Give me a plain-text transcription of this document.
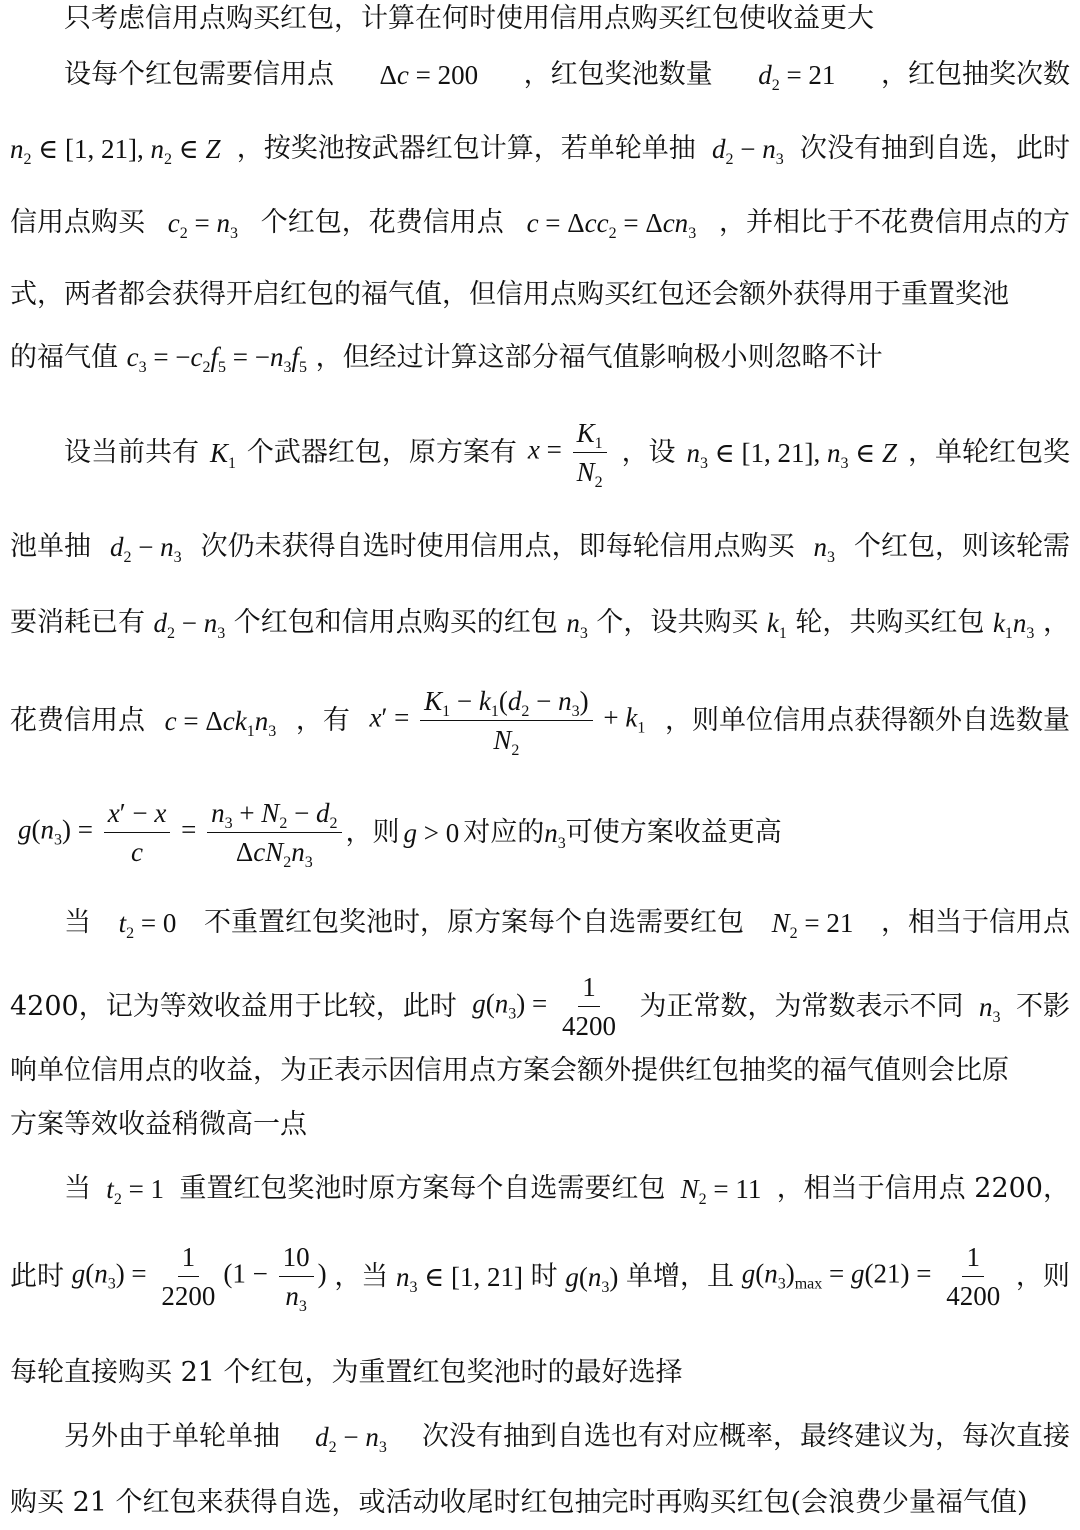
只考虑信用点购买红包，计算在何时使用信用点购买红包使收益更大
设每个红包需要信用点 Δc = 200 ，红包奖池数量 $d_2 = 21$ ，红包抽奖次数
$n_2$ ∈ [1, 21], $n_2$ ∈ Z ，按奖池按武器红包计算，若单轮单抽 $d_2 - n_3$ 次没有抽到自选，此时
信用点购买 $c_2 = n_3$ 个红包，花费信用点 c = Δcc$_2$ = Δcn$_3$ ，并相比于不花费信用点的方
式，两者都会获得开启红包的福气值，但信用点购买红包还会额外获得用于重置奖池
的福气值 $c_3 = -c_2f_5 = -n_3f_5$ ，但经过计算这部分福气值影响极小则忽略不计
设当前共有 $K_1$ 个武器红包，原方案有 $x = \frac{K_1}{N_2}$ ，设 $n_3$ ∈ [1, 21], $n_3$ ∈ Z ，单轮红包奖
池单抽 $d_2 - n_3$ 次仍未获得自选时使用信用点，即每轮信用点购买 $n_3$ 个红包，则该轮需
要消耗已有 $d_2 - n_3$ 个红包和信用点购买的红包 $n_3$ 个，设共购买 $k_1$ 轮，共购买红包 $k_1n_3$ ，
花费信用点 $c = \Delta ck_1n_3$ ，有 $x' = \frac{K_1 - k_1(d_2 - n_3)}{N_2} + k_1$ ，则单位信用点获得额外自选数量
$g(n_3) = \frac{x' - x}{c} = \frac{n_3 + N_2 - d_2}{\Delta cN_2n_3}$ ，则 g > 0 对应的 $n_3$ 可使方案收益更高
当 $t_2 = 0$ 不重置红包奖池时，原方案每个自选需要红包 $N_2 = 21$ ，相当于信用点
4200，记为等效收益用于比较，此时 $g(n_3) = \frac{1}{4200}$ 为正常数，为常数表示不同 $n_3$ 不影
响单位信用点的收益，为正表示因信用点方案会额外提供红包抽奖的福气值则会比原
方案等效收益稍微高一点
当 $t_2 = 1$ 重置红包奖池时原方案每个自选需要红包 $N_2 = 11$ ，相当于信用点 2200，
此时 $g(n_3) = \frac{1}{2200} (1 - \frac{10}{n_3}$ ) ，当 $n_3$ ∈ [1, 21] 时 $g(n_3)$ 单增，且 $g(n_3)_{max} = g(21) = \frac{1}{4200}$ ，则
每轮直接购买 21 个红包，为重置红包奖池时的最好选择
另外由于单轮单抽 $d_2 - n_3$ 次没有抽到自选也有对应概率，最终建议为，每次直接
购买 21 个红包来获得自选，或活动收尾时红包抽完时再购买红包(会浪费少量福气值)
